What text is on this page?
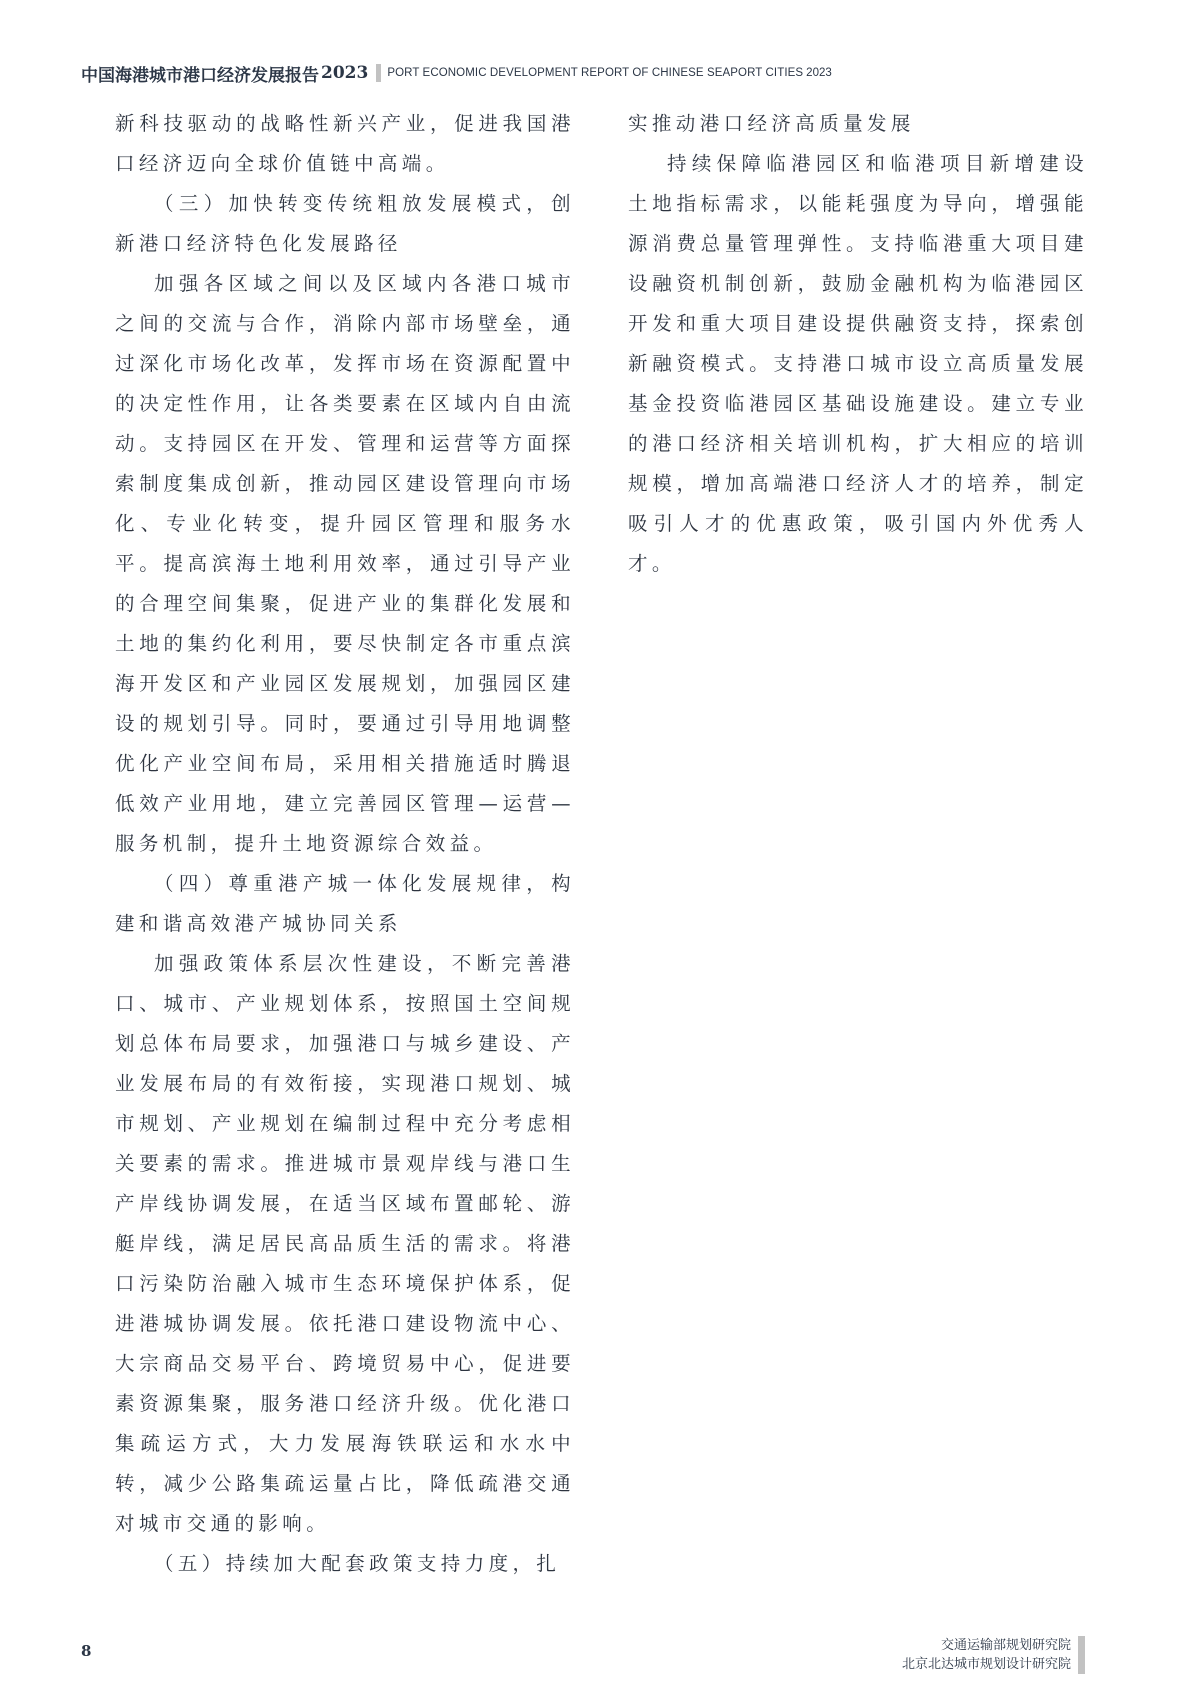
中国海港城市港口经济发展报告 2023 PORT ECONOMIC DEVELOPMENT REPORT OF CHINESE SEAPORT CITIES 2023

新科技驱动的战略性新兴产业，促进我国港口经济迈向全球价值链中高端。

（三）加快转变传统粗放发展模式，创新港口经济特色化发展路径

加强各区域之间以及区域内各港口城市之间的交流与合作，消除内部市场壁垒，通过深化市场化改革，发挥市场在资源配置中的决定性作用，让各类要素在区域内自由流动。支持园区在开发、管理和运营等方面探索制度集成创新，推动园区建设管理向市场化、专业化转变，提升园区管理和服务水平。提高滨海土地利用效率，通过引导产业的合理空间集聚，促进产业的集群化发展和土地的集约化利用，要尽快制定各市重点滨海开发区和产业园区发展规划，加强园区建设的规划引导。同时，要通过引导用地调整优化产业空间布局，采用相关措施适时腾退低效产业用地，建立完善园区管理—运营—服务机制，提升土地资源综合效益。

（四）尊重港产城一体化发展规律，构建和谐高效港产城协同关系

加强政策体系层次性建设，不断完善港口、城市、产业规划体系，按照国土空间规划总体布局要求，加强港口与城乡建设、产业发展布局的有效衔接，实现港口规划、城市规划、产业规划在编制过程中充分考虑相关要素的需求。推进城市景观岸线与港口生产岸线协调发展，在适当区域布置邮轮、游艇岸线，满足居民高品质生活的需求。将港口污染防治融入城市生态环境保护体系，促进港城协调发展。依托港口建设物流中心、大宗商品交易平台、跨境贸易中心，促进要素资源集聚，服务港口经济升级。优化港口集疏运方式，大力发展海铁联运和水水中转，减少公路集疏运量占比，降低疏港交通对城市交通的影响。

（五）持续加大配套政策支持力度，扎

实推动港口经济高质量发展

持续保障临港园区和临港项目新增建设土地指标需求，以能耗强度为导向，增强能源消费总量管理弹性。支持临港重大项目建设融资机制创新，鼓励金融机构为临港园区开发和重大项目建设提供融资支持，探索创新融资模式。支持港口城市设立高质量发展基金投资临港园区基础设施建设。建立专业的港口经济相关培训机构，扩大相应的培训规模，增加高端港口经济人才的培养，制定吸引人才的优惠政策，吸引国内外优秀人才。

8	交通运输部规划研究院
北京北达城市规划设计研究院
